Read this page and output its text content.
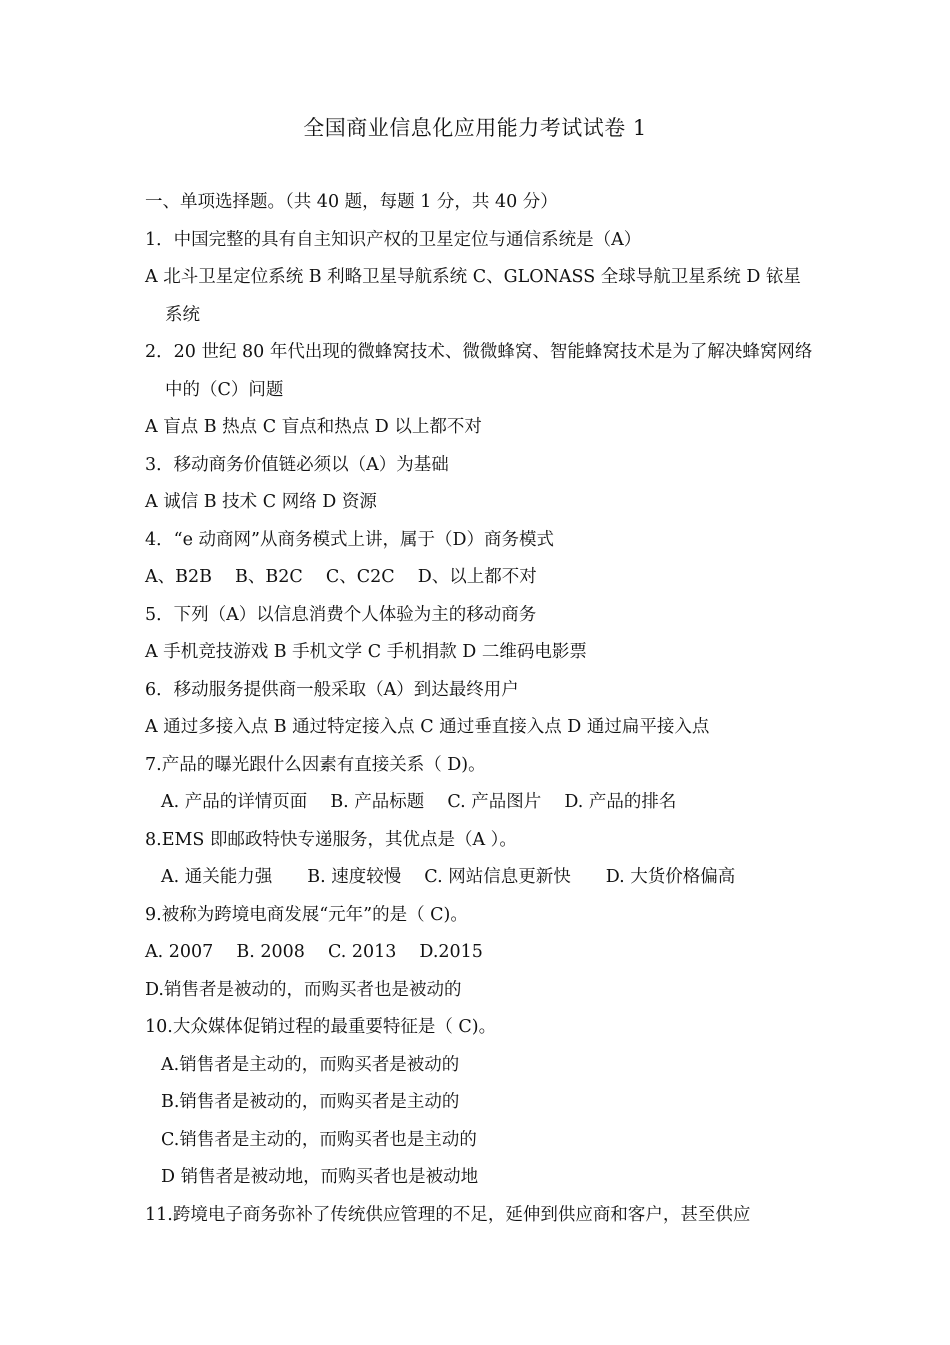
全国商业信息化应用能力考试试卷 1
一、单项选择题。（共 40 题，每题 1 分，共 40 分）
1．中国完整的具有自主知识产权的卫星定位与通信系统是（A）
A 北斗卫星定位系统 B 利略卫星导航系统 C、GLONASS 全球导航卫星系统 D 铱星系统
2．20 世纪 80 年代出现的微蜂窝技术、微微蜂窝、智能蜂窝技术是为了解决蜂窝网络中的（C）问题
A 盲点 B 热点 C 盲点和热点 D 以上都不对
3．移动商务价值链必须以（A）为基础
A 诚信 B 技术 C 网络 D 资源
4．“e 动商网”从商务模式上讲，属于（D）商务模式
A、B2B　 B、B2C　 C、C2C　 D、以上都不对
5．下列（A）以信息消费个人体验为主的移动商务
A 手机竞技游戏 B 手机文学 C 手机捐款 D 二维码电影票
6．移动服务提供商一般采取（A）到达最终用户
A 通过多接入点 B 通过特定接入点 C 通过垂直接入点 D 通过扁平接入点
7.产品的曝光跟什么因素有直接关系（ D)。
A. 产品的详情页面　 B. 产品标题　 C. 产品图片　 D. 产品的排名
8.EMS 即邮政特快专递服务，其优点是（A ）。
A. 通关能力强　　B. 速度较慢　 C. 网站信息更新快　　D. 大货价格偏高
9.被称为跨境电商发展“元年”的是（ C)。
A. 2007　 B. 2008　 C. 2013　 D.2015
D.销售者是被动的，而购买者也是被动的
10.大众媒体促销过程的最重要特征是（ C)。
A.销售者是主动的，而购买者是被动的
B.销售者是被动的，而购买者是主动的
C.销售者是主动的，而购买者也是主动的
D 销售者是被动地，而购买者也是被动地
11.跨境电子商务弥补了传统供应管理的不足，延伸到供应商和客户，甚至供应
